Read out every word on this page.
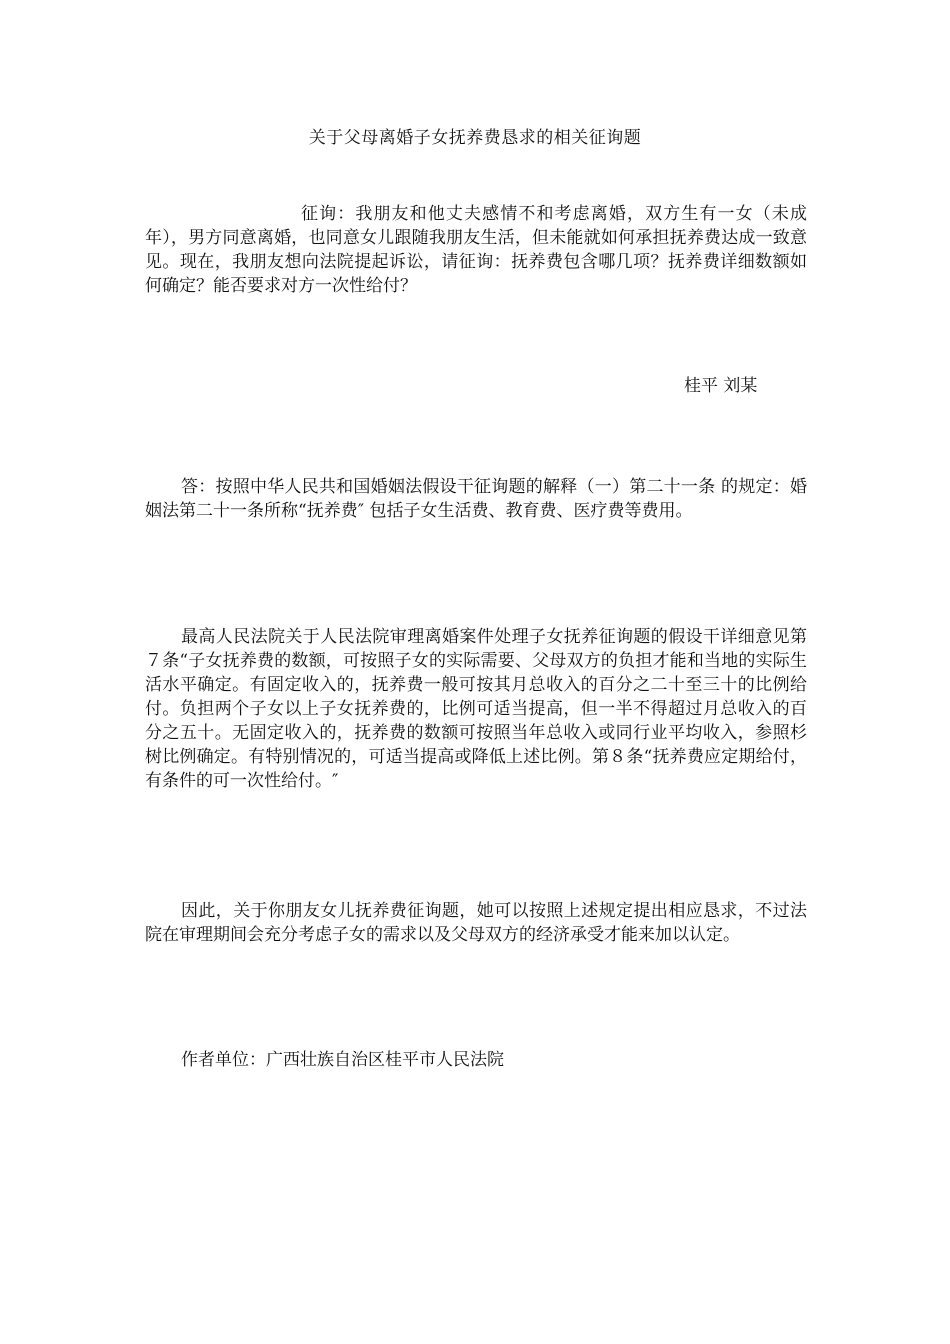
关于父母离婚子女抚养费恳求的相关征询题

征询：我朋友和他丈夫感情不和考虑离婚，双方生有一女（未成年），男方同意离婚，也同意女儿跟随我朋友生活，但未能就如何承担抚养费达成一致意见。现在，我朋友想向法院提起诉讼，请征询：抚养费包含哪几项？抚养费详细数额如何确定？能否要求对方一次性给付？

桂平 刘某

答：按照中华人民共和国婚姻法假设干征询题的解释（一）第二十一条 的规定：婚姻法第二十一条所称“抚养费″ 包括子女生活费、教育费、医疗费等费用。

最高人民法院关于人民法院审理离婚案件处理子女抚养征询题的假设干详细意见第７条“子女抚养费的数额，可按照子女的实际需要、父母双方的负担才能和当地的实际生活水平确定。有固定收入的，抚养费一般可按其月总收入的百分之二十至三十的比例给付。负担两个子女以上子女抚养费的，比例可适当提高，但一半不得超过月总收入的百分之五十。无固定收入的，抚养费的数额可按照当年总收入或同行业平均收入，参照杉树比例确定。有特别情况的，可适当提高或降低上述比例。第８条“抚养费应定期给付，有条件的可一次性给付。″

因此，关于你朋友女儿抚养费征询题，她可以按照上述规定提出相应恳求，不过法院在审理期间会充分考虑子女的需求以及父母双方的经济承受才能来加以认定。

作者单位：广西壮族自治区桂平市人民法院
